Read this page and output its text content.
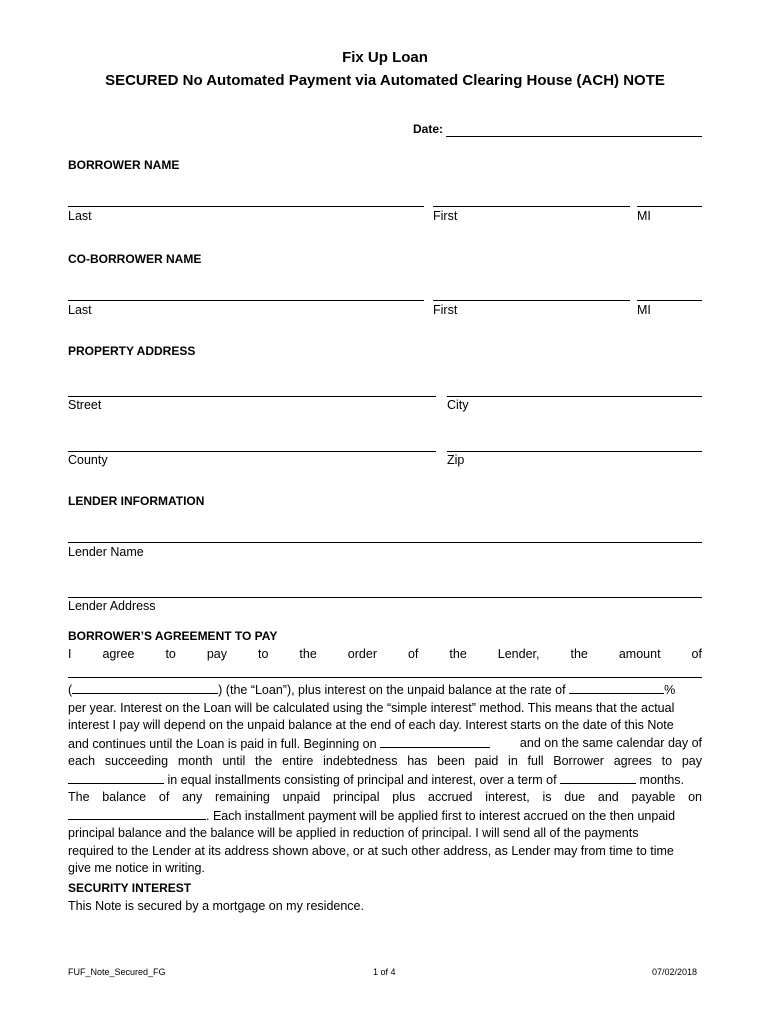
Fix Up Loan
SECURED No Automated Payment via Automated Clearing House (ACH) NOTE
Date:
BORROWER NAME
Last	First	MI
CO-BORROWER NAME
Last	First	MI
PROPERTY ADDRESS
Street	City
County	Zip
LENDER INFORMATION
Lender Name
Lender Address
BORROWER’S AGREEMENT TO PAY
I agree to pay to the order of the Lender, the amount of
(	) (the “Loan”), plus interest on the unpaid balance at the rate of	%
per year. Interest on the Loan will be calculated using the “simple interest” method. This means that the actual
interest I pay will depend on the unpaid balance at the end of each day. Interest starts on the date of this Note
and continues until the Loan is paid in full. Beginning on	and on the same calendar day of
each succeeding month until the entire indebtedness has been paid in full Borrower agrees to pay
in equal installments consisting of principal and interest, over a term of	months.
The balance of any remaining unpaid principal plus accrued interest, is due and payable on
. Each installment payment will be applied first to interest accrued on the then unpaid
principal balance and the balance will be applied in reduction of principal. I will send all of the payments
required to the Lender at its address shown above, or at such other address, as Lender may from time to time
give me notice in writing.
SECURITY INTEREST
This Note is secured by a mortgage on my residence.
FUF_Note_Secured_FG	1 of 4	07/02/2018
